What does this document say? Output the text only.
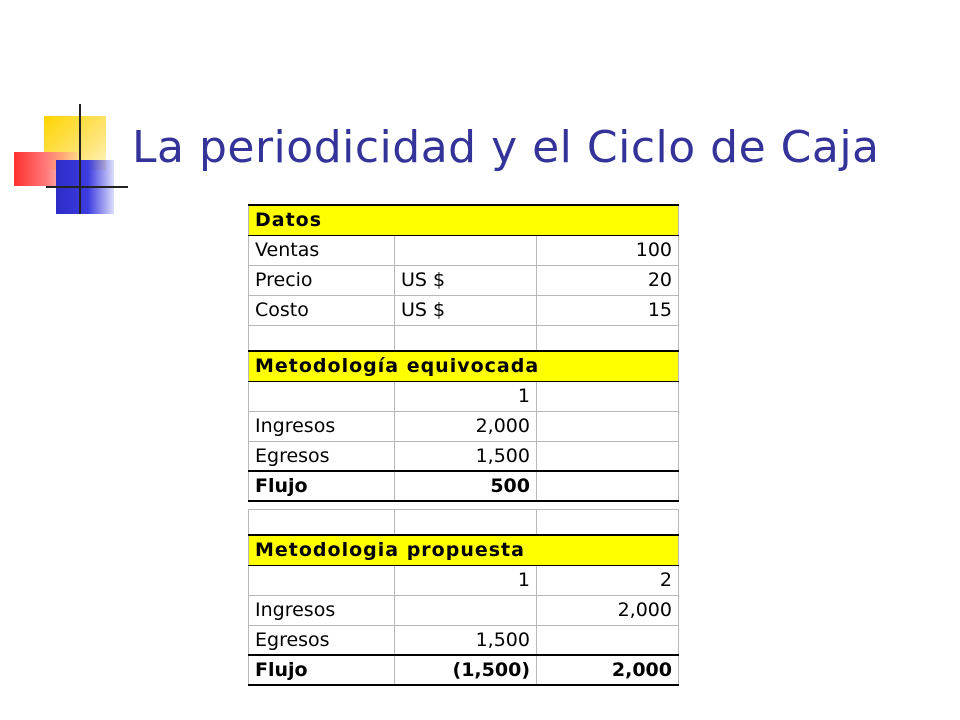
La periodicidad y el Ciclo de Caja
Datos		
Ventas		100
Precio	US $	20
Costo	US $	15

Metodología equivocada		
	1	
Ingresos	2,000	
Egresos	1,500	
Flujo	500	

Metodologia propuesta		
	1	2
Ingresos		2,000
Egresos	1,500	
Flujo	(1,500)	2,000
